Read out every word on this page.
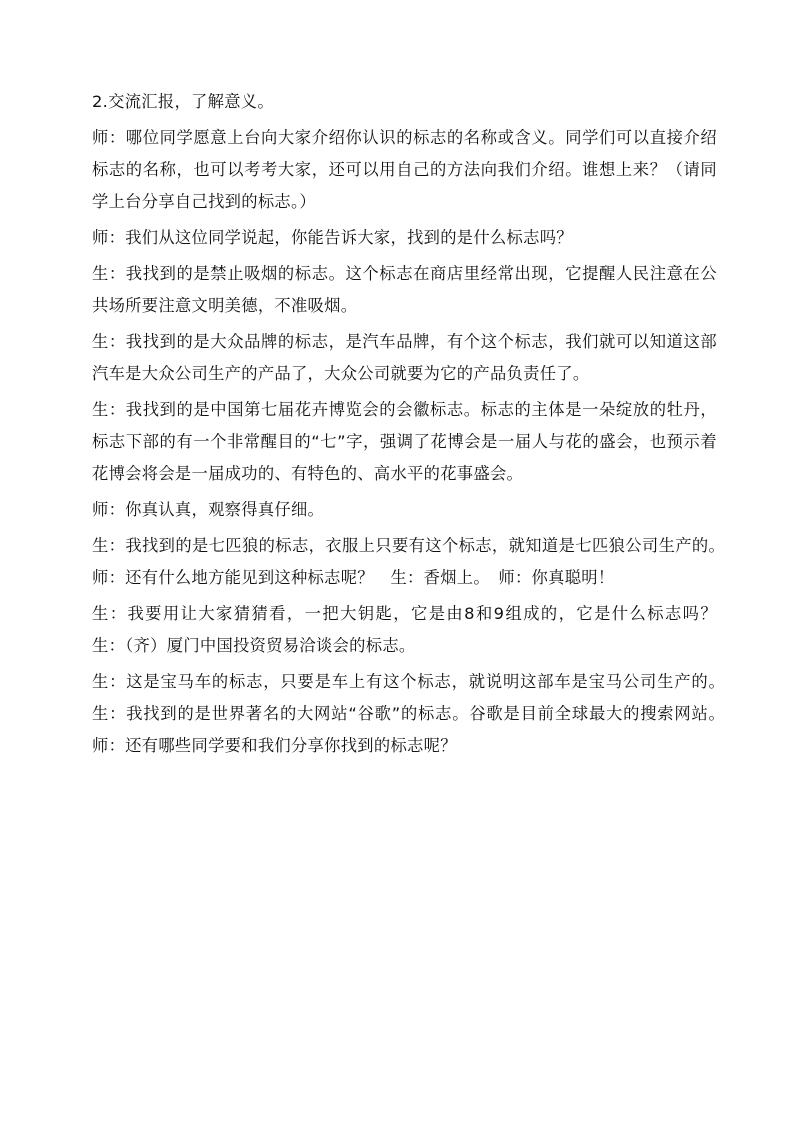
2.交流汇报，了解意义。

师：哪位同学愿意上台向大家介绍你认识的标志的名称或含义。同学们可以直接介绍标志的名称，也可以考考大家，还可以用自己的方法向我们介绍。谁想上来？（请同学上台分享自己找到的标志。）

师：我们从这位同学说起，你能告诉大家，找到的是什么标志吗？

生：我找到的是禁止吸烟的标志。这个标志在商店里经常出现，它提醒人民注意在公共场所要注意文明美德，不准吸烟。

生：我找到的是大众品牌的标志，是汽车品牌，有个这个标志，我们就可以知道这部汽车是大众公司生产的产品了，大众公司就要为它的产品负责任了。

生：我找到的是中国第七届花卉博览会的会徽标志。标志的主体是一朵绽放的牡丹，标志下部的有一个非常醒目的“七”字，强调了花博会是一届人与花的盛会，也预示着花博会将会是一届成功的、有特色的、高水平的花事盛会。

师：你真认真，观察得真仔细。

生：我找到的是七匹狼的标志，衣服上只要有这个标志，就知道是七匹狼公司生产的。　师：还有什么地方能见到这种标志呢？　生：香烟上。　师：你真聪明！

生：我要用让大家猜猜看，一把大钥匙，它是由8和9组成的，它是什么标志吗？　生：（齐）厦门中国投资贸易洽谈会的标志。

生：这是宝马车的标志，只要是车上有这个标志，就说明这部车是宝马公司生产的。　生：我找到的是世界著名的大网站“谷歌”的标志。谷歌是目前全球最大的搜索网站。　师：还有哪些同学要和我们分享你找到的标志呢？
